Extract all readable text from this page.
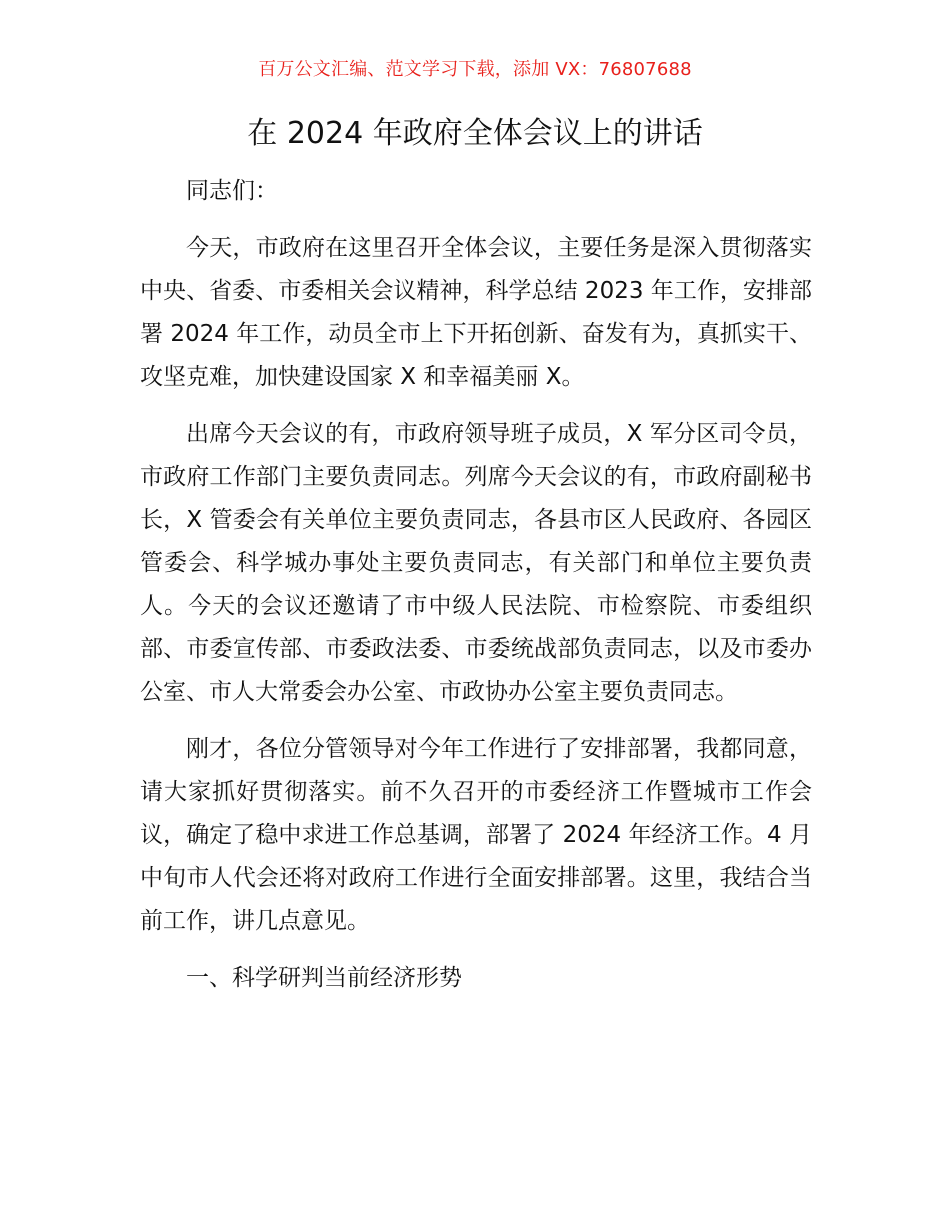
百万公文汇编、范文学习下载，添加 VX：76807688
在 2024 年政府全体会议上的讲话

同志们：

今天，市政府在这里召开全体会议，主要任务是深入贯彻落实中央、省委、市委相关会议精神，科学总结 2023 年工作，安排部署 2024 年工作，动员全市上下开拓创新、奋发有为，真抓实干、攻坚克难，加快建设国家 X 和幸福美丽 X。

出席今天会议的有，市政府领导班子成员，X 军分区司令员，市政府工作部门主要负责同志。列席今天会议的有，市政府副秘书长，X 管委会有关单位主要负责同志，各县市区人民政府、各园区管委会、科学城办事处主要负责同志，有关部门和单位主要负责人。今天的会议还邀请了市中级人民法院、市检察院、市委组织部、市委宣传部、市委政法委、市委统战部负责同志，以及市委办公室、市人大常委会办公室、市政协办公室主要负责同志。

刚才，各位分管领导对今年工作进行了安排部署，我都同意，请大家抓好贯彻落实。前不久召开的市委经济工作暨城市工作会议，确定了稳中求进工作总基调，部署了 2024 年经济工作。4 月中旬市人代会还将对政府工作进行全面安排部署。这里，我结合当前工作，讲几点意见。

一、科学研判当前经济形势
